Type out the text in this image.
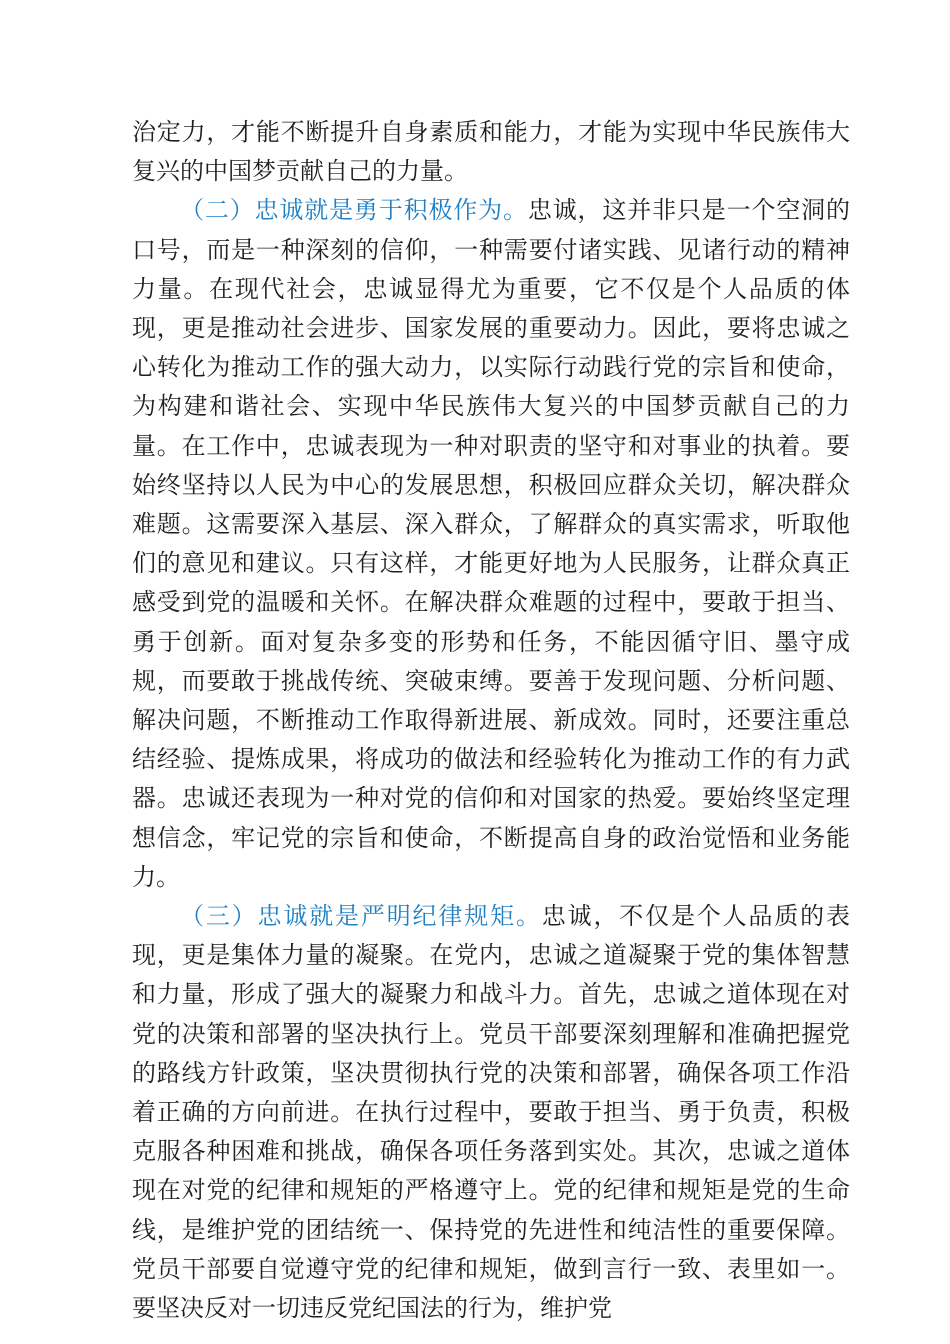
治定力，才能不断提升自身素质和能力，才能为实现中华民族伟大复兴的中国梦贡献自己的力量。

（二）忠诚就是勇于积极作为。忠诚，这并非只是一个空洞的口号，而是一种深刻的信仰，一种需要付诸实践、见诸行动的精神力量。在现代社会，忠诚显得尤为重要，它不仅是个人品质的体现，更是推动社会进步、国家发展的重要动力。因此，要将忠诚之心转化为推动工作的强大动力，以实际行动践行党的宗旨和使命，为构建和谐社会、实现中华民族伟大复兴的中国梦贡献自己的力量。在工作中，忠诚表现为一种对职责的坚守和对事业的执着。要始终坚持以人民为中心的发展思想，积极回应群众关切，解决群众难题。这需要深入基层、深入群众，了解群众的真实需求，听取他们的意见和建议。只有这样，才能更好地为人民服务，让群众真正感受到党的温暖和关怀。在解决群众难题的过程中，要敢于担当、勇于创新。面对复杂多变的形势和任务，不能因循守旧、墨守成规，而要敢于挑战传统、突破束缚。要善于发现问题、分析问题、解决问题，不断推动工作取得新进展、新成效。同时，还要注重总结经验、提炼成果，将成功的做法和经验转化为推动工作的有力武器。忠诚还表现为一种对党的信仰和对国家的热爱。要始终坚定理想信念，牢记党的宗旨和使命，不断提高自身的政治觉悟和业务能力。

（三）忠诚就是严明纪律规矩。忠诚，不仅是个人品质的表现，更是集体力量的凝聚。在党内，忠诚之道凝聚于党的集体智慧和力量，形成了强大的凝聚力和战斗力。首先，忠诚之道体现在对党的决策和部署的坚决执行上。党员干部要深刻理解和准确把握党的路线方针政策，坚决贯彻执行党的决策和部署，确保各项工作沿着正确的方向前进。在执行过程中，要敢于担当、勇于负责，积极克服各种困难和挑战，确保各项任务落到实处。其次，忠诚之道体现在对党的纪律和规矩的严格遵守上。党的纪律和规矩是党的生命线，是维护党的团结统一、保持党的先进性和纯洁性的重要保障。党员干部要自觉遵守党的纪律和规矩，做到言行一致、表里如一。要坚决反对一切违反党纪国法的行为，维护党
